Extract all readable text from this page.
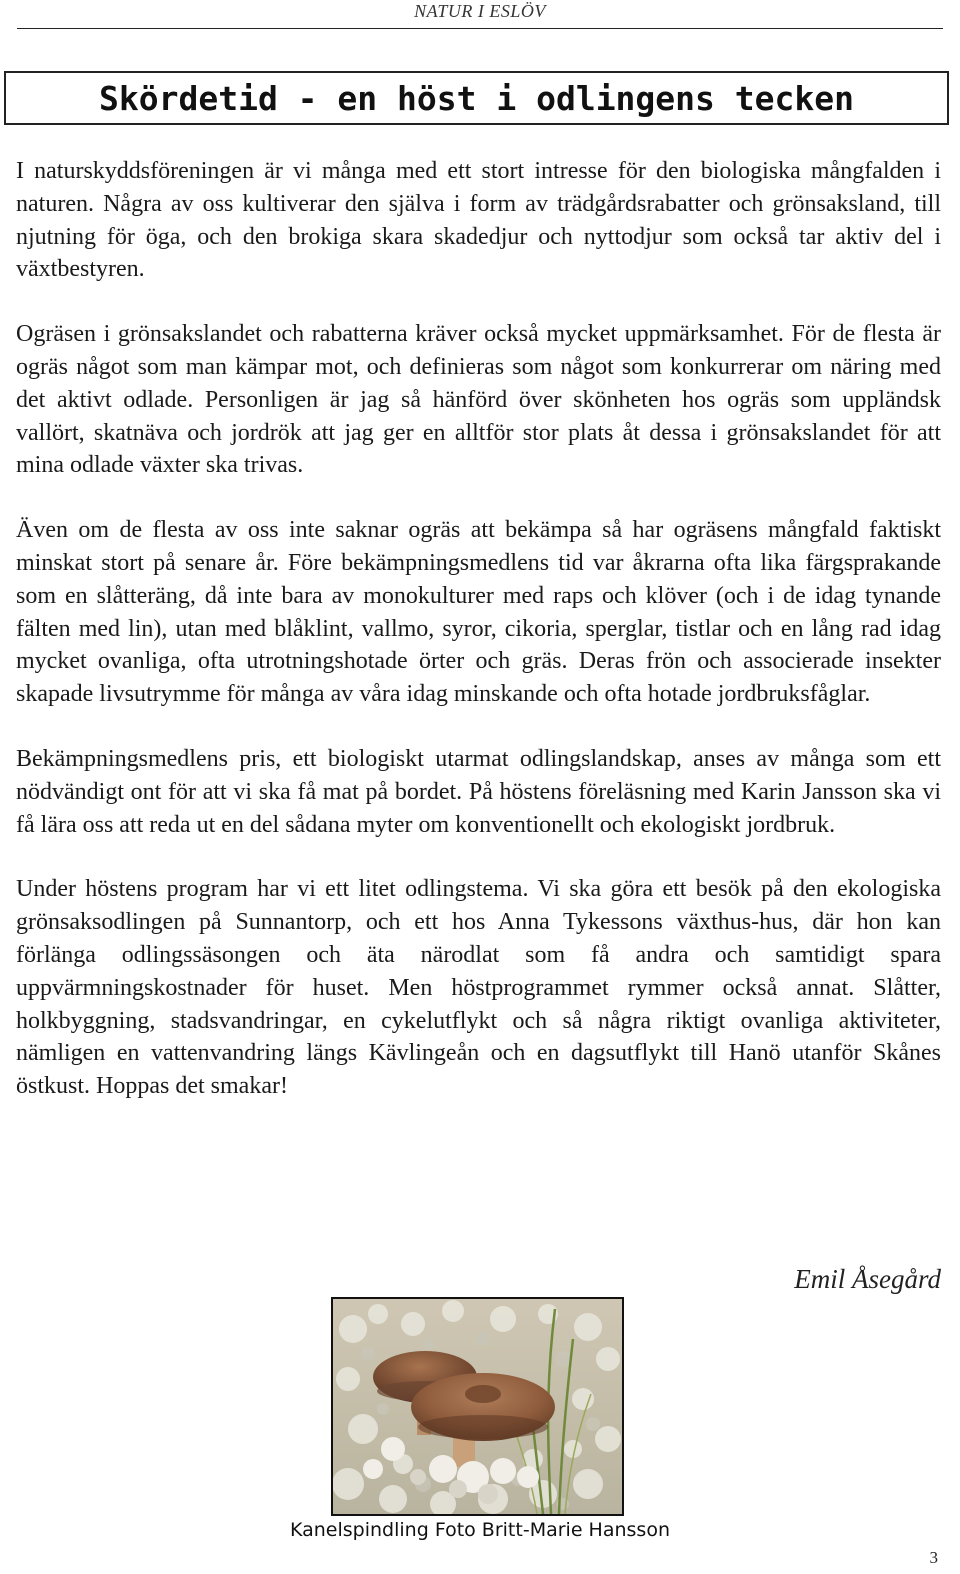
NATUR I ESLÖV
Skördetid - en höst i odlingens tecken

I naturskyddsföreningen är vi många med ett stort intresse för den biologiska mångfalden i naturen. Några av oss kultiverar den själva i form av trädgårdsrabatter och grönsaksland, till njutning för öga, och den brokiga skara skadedjur och nyttodjur som också tar aktiv del i växtbestyren.

Ogräsen i grönsakslandet och rabatterna kräver också mycket uppmärksamhet. För de flesta är ogräs något som man kämpar mot, och definieras som något som konkurrerar om näring med det aktivt odlade. Personligen är jag så hänförd över skönheten hos ogräs som uppländsk vallört, skatnäva och jordrök att jag ger en alltför stor plats åt dessa i grönsakslandet för att mina odlade växter ska trivas.

Även om de flesta av oss inte saknar ogräs att bekämpa så har ogräsens mångfald faktiskt minskat stort på senare år. Före bekämpningsmedlens tid var åkrarna ofta lika färgsprakande som en slåtteräng, då inte bara av monokulturer med raps och klöver (och i de idag tynande fälten med lin), utan med blåklint, vallmo, syror, cikoria, sperglar, tistlar och en lång rad idag mycket ovanliga, ofta utrotningshotade örter och gräs. Deras frön och associerade insekter skapade livsutrymme för många av våra idag minskande och ofta hotade jordbruksfåglar.

Bekämpningsmedlens pris, ett biologiskt utarmat odlingslandskap, anses av många som ett nödvändigt ont för att vi ska få mat på bordet. På höstens föreläsning med Karin Jansson ska vi få lära oss att reda ut en del sådana myter om konventionellt och ekologiskt jordbruk.

Under höstens program har vi ett litet odlingstema. Vi ska göra ett besök på den ekologiska grönsaksodlingen på Sunnantorp, och ett hos Anna Tykessons växthus-hus, där hon kan förlänga odlingssäsongen och äta närodlat som få andra och samtidigt spara uppvärmningskostnader för huset. Men höstprogrammet rymmer också annat. Slåtter, holkbyggning, stadsvandringar, en cykelutflykt och så några riktigt ovanliga aktiviteter, nämligen en vattenvandring längs Kävlingeån och en dagsutflykt till Hanö utanför Skånes östkust. Hoppas det smakar!

Emil Åsegård
Kanelspindling Foto Britt-Marie Hansson
3
